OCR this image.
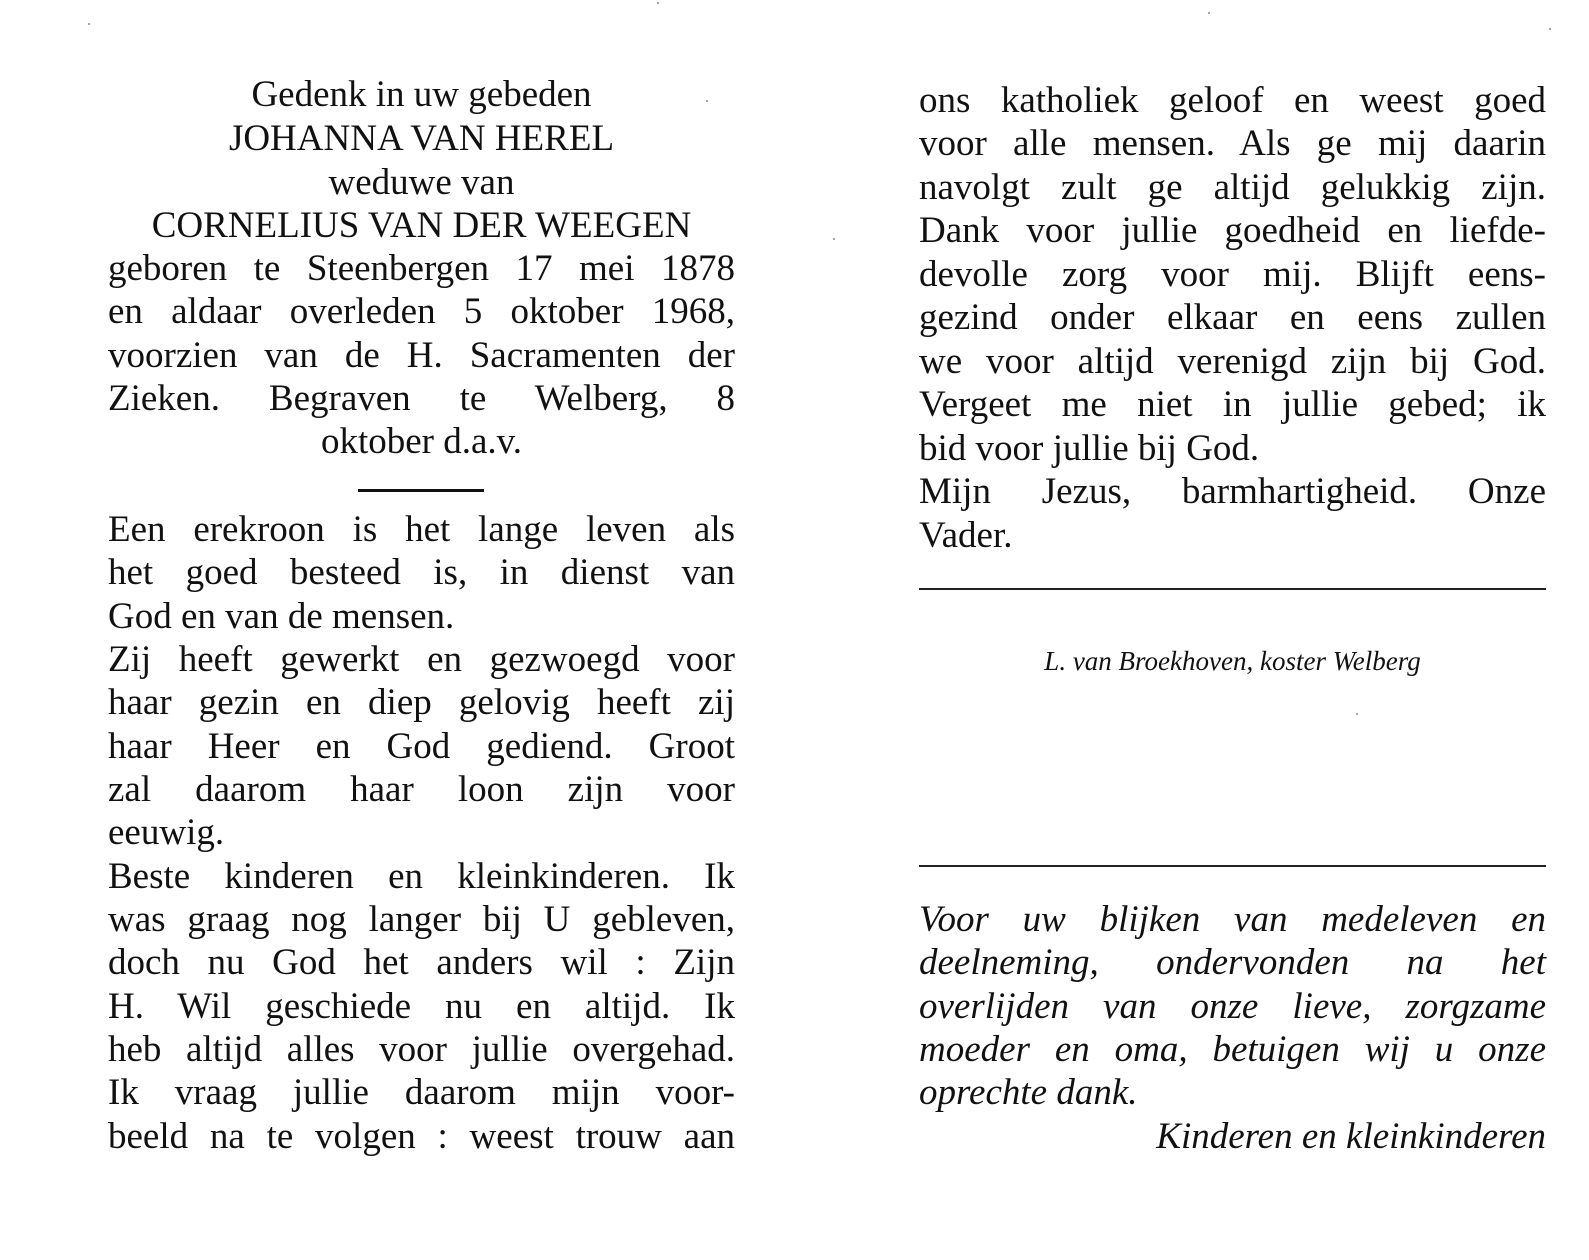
Gedenk in uw gebeden
JOHANNA VAN HEREL
weduwe van
CORNELIUS VAN DER WEEGEN
geboren te Steenbergen 17 mei 1878
en aldaar overleden 5 oktober 1968,
voorzien van de H. Sacramenten der
Zieken. Begraven te Welberg, 8
oktober d.a.v.
Een erekroon is het lange leven als
het goed besteed is, in dienst van
God en van de mensen.
Zij heeft gewerkt en gezwoegd voor
haar gezin en diep gelovig heeft zij
haar Heer en God gediend. Groot
zal daarom haar loon zijn voor
eeuwig.
Beste kinderen en kleinkinderen. Ik
was graag nog langer bij U gebleven,
doch nu God het anders wil : Zijn
H. Wil geschiede nu en altijd. Ik
heb altijd alles voor jullie overgehad.
Ik vraag jullie daarom mijn voor-
beeld na te volgen : weest trouw aan
ons katholiek geloof en weest goed
voor alle mensen. Als ge mij daarin
navolgt zult ge altijd gelukkig zijn.
Dank voor jullie goedheid en liefde-
devolle zorg voor mij. Blijft eens-
gezind onder elkaar en eens zullen
we voor altijd verenigd zijn bij God.
Vergeet me niet in jullie gebed; ik
bid voor jullie bij God.
Mijn Jezus, barmhartigheid. Onze
Vader.
L. van Broekhoven, koster Welberg
Voor uw blijken van medeleven en
deelneming, ondervonden na het
overlijden van onze lieve, zorgzame
moeder en oma, betuigen wij u onze
oprechte dank.
Kinderen en kleinkinderen
